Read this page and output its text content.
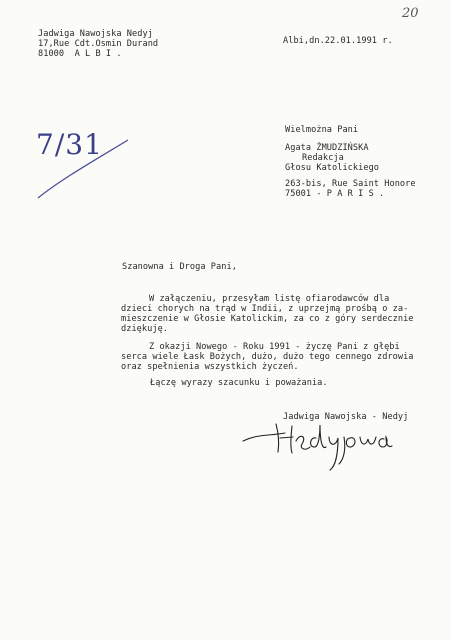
20
Jadwiga Nawojska Nedyj
17,Rue Cdt.Osmin Durand
81000  A L B I .
Albi,dn.22.01.1991 r.
7/31	Wielmożna Pani
Agata ŻMUDZIŃSKA
Redakcja
Głosu Katolickiego
263-bis, Rue Saint Honore
75001 - P A R I S .
Szanowna i Droga Pani,
W załączeniu, przesyłam listę ofiarodawców dla
dzieci chorych na trąd w Indii, z uprzejmą prośbą o za-
mieszczenie w Głosie Katolickim, za co z góry serdecznie
dziękuję.
Z okazji Nowego - Roku 1991 - życzę Pani z głębi
serca wiele Łask Bożych, dużo, dużo tego cennego zdrowia
oraz spełnienia wszystkich życzeń.
Łączę wyrazy szacunku i poważania.
Jadwiga Nawojska - Nedyj
